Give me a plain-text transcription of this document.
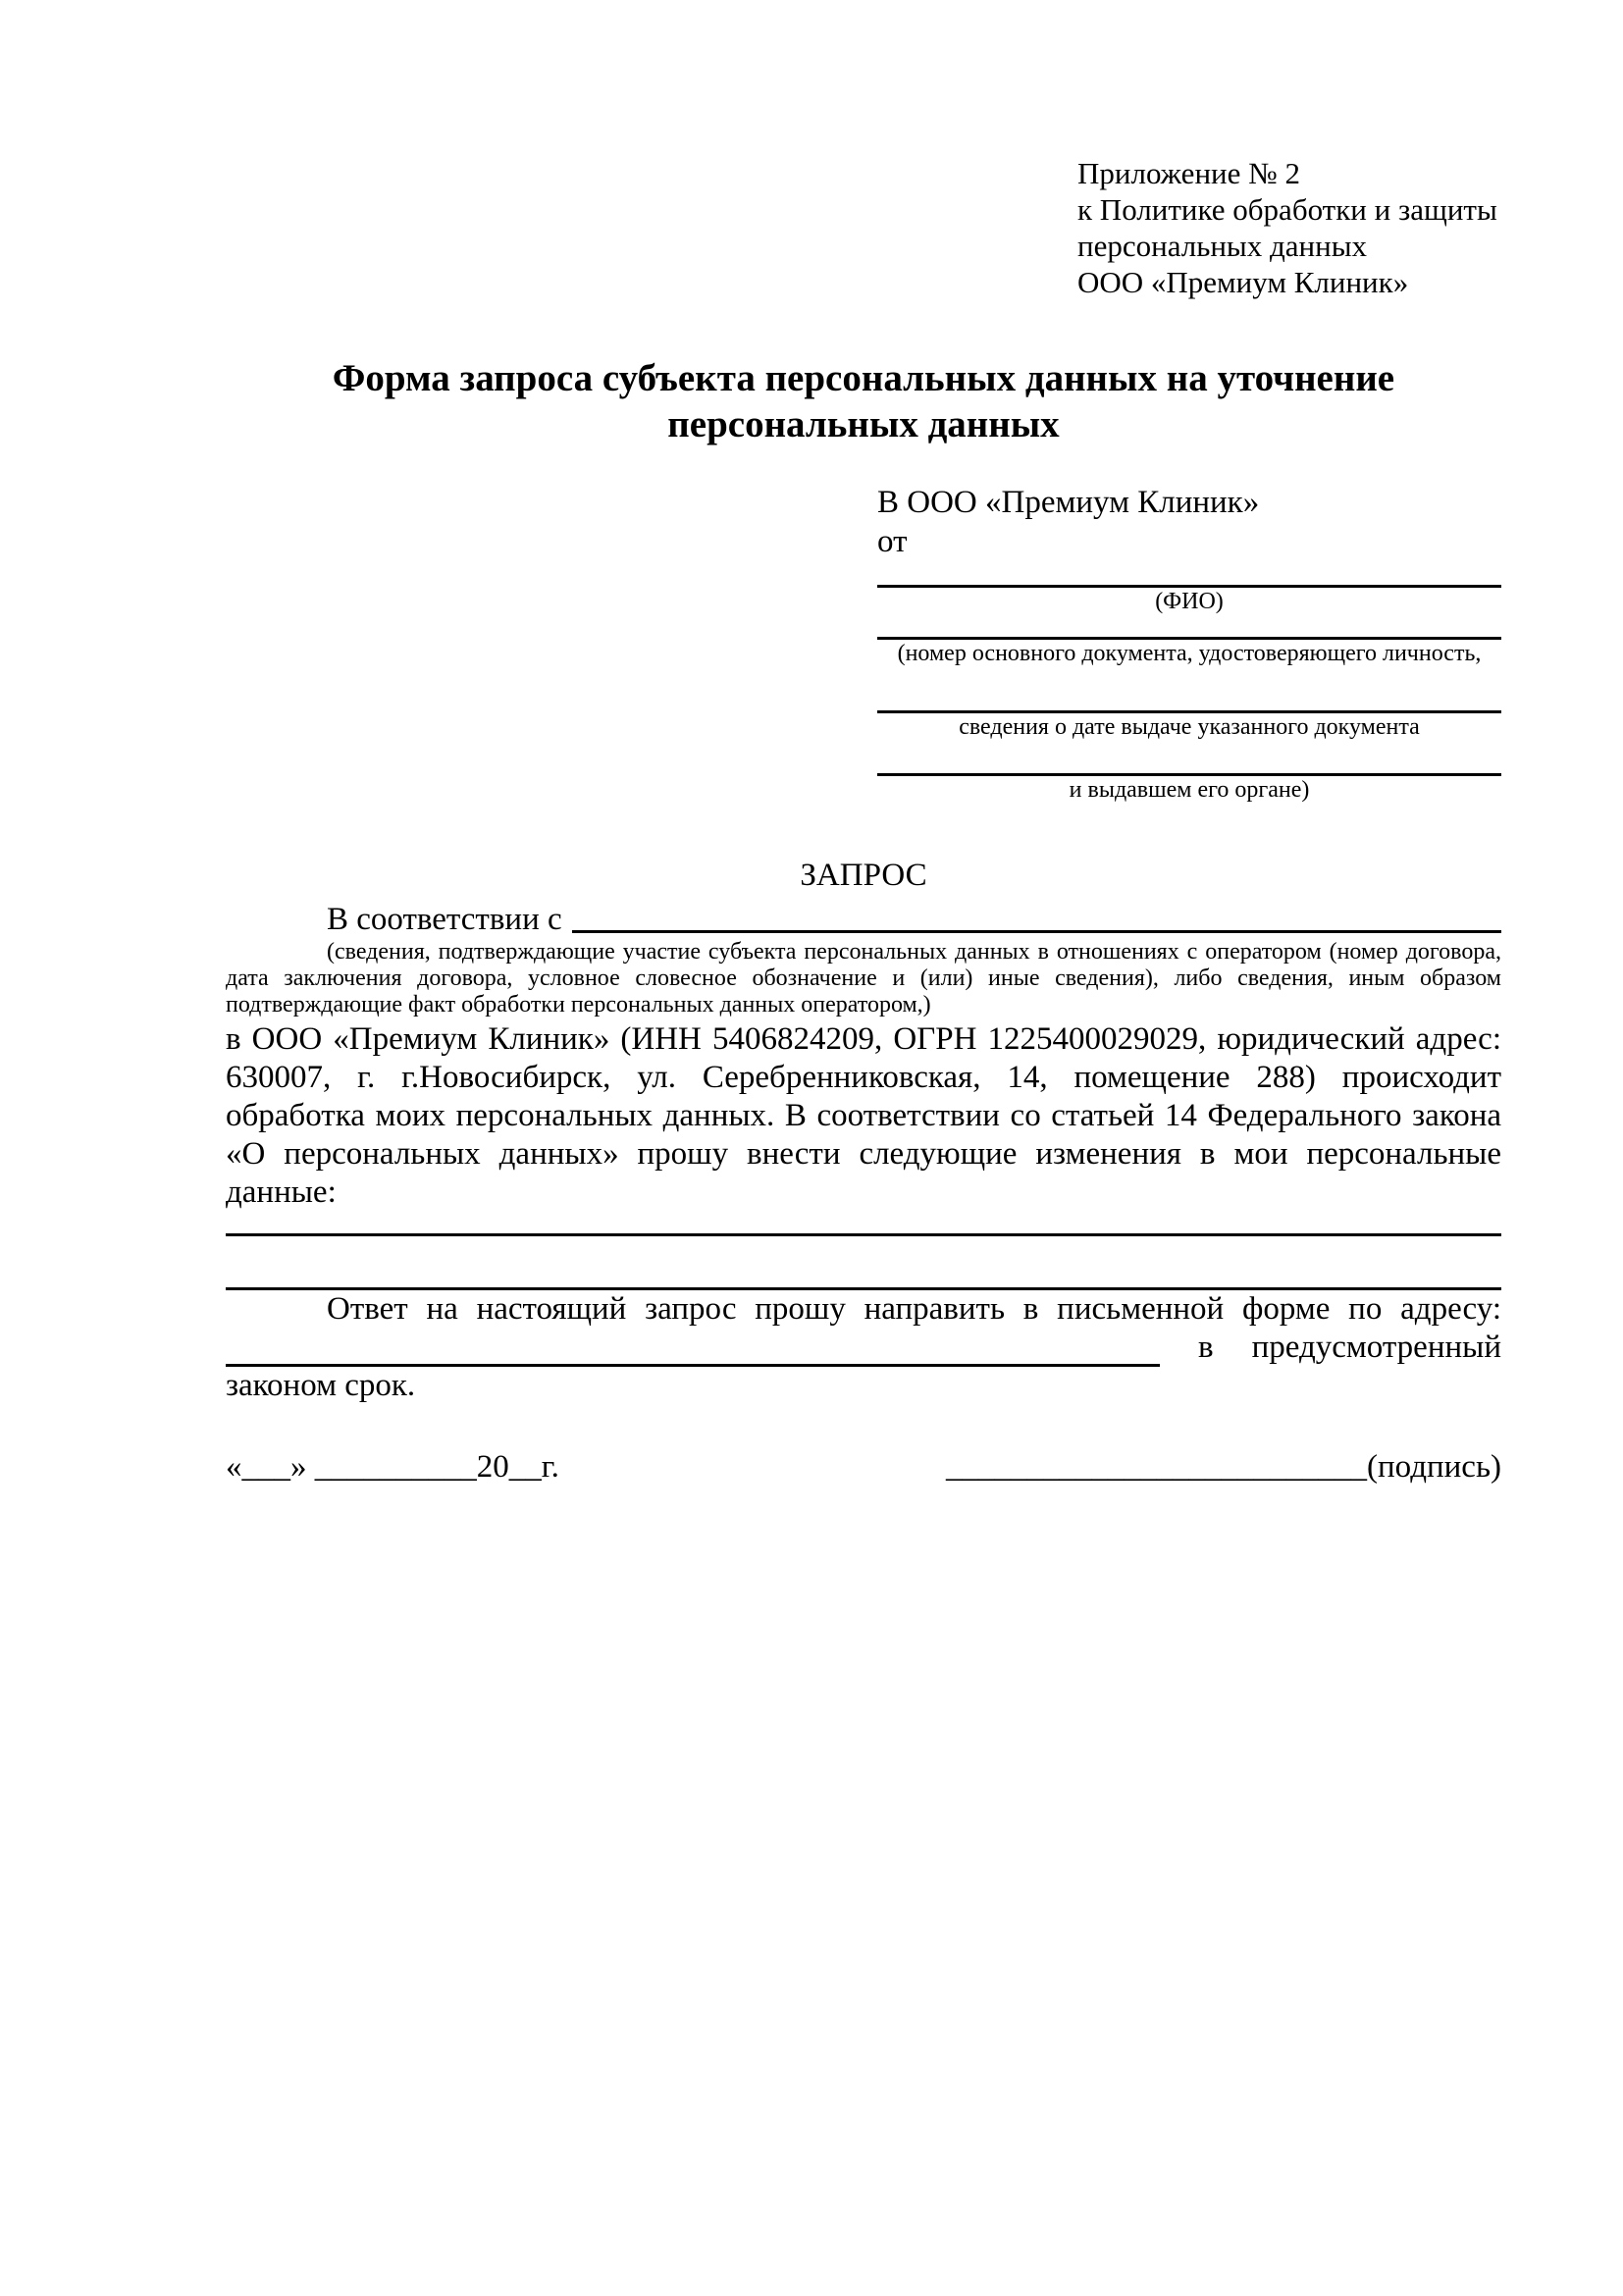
Приложение № 2
к Политике обработки и защиты
персональных данных
ООО «Премиум Клиник»
Форма запроса субъекта персональных данных на уточнение
персональных данных
В ООО «Премиум Клиник»
от
(ФИО)
(номер основного документа, удостоверяющего личность,
сведения о дате выдаче указанного документа
и выдавшем его органе)
ЗАПРОС
В соответствии с
(сведения, подтверждающие участие субъекта персональных данных в отношениях с оператором (номер договора, дата заключения договора, условное словесное обозначение и (или) иные сведения), либо сведения, иным образом подтверждающие факт обработки персональных данных оператором,)
в ООО «Премиум Клиник» (ИНН 5406824209, ОГРН 1225400029029, юридический адрес:
630007, г. г.Новосибирск, ул. Серебренниковская, 14, помещение 288) происходит
обработка моих персональных данных. В соответствии со статьей 14 Федерального закона
«О персональных данных» прошу внести следующие изменения в мои персональные
данные:
Ответ на настоящий запрос прошу направить в письменной форме по адресу:
в предусмотренный
законом срок.
«___» __________20__г.	__________________________(подпись)
